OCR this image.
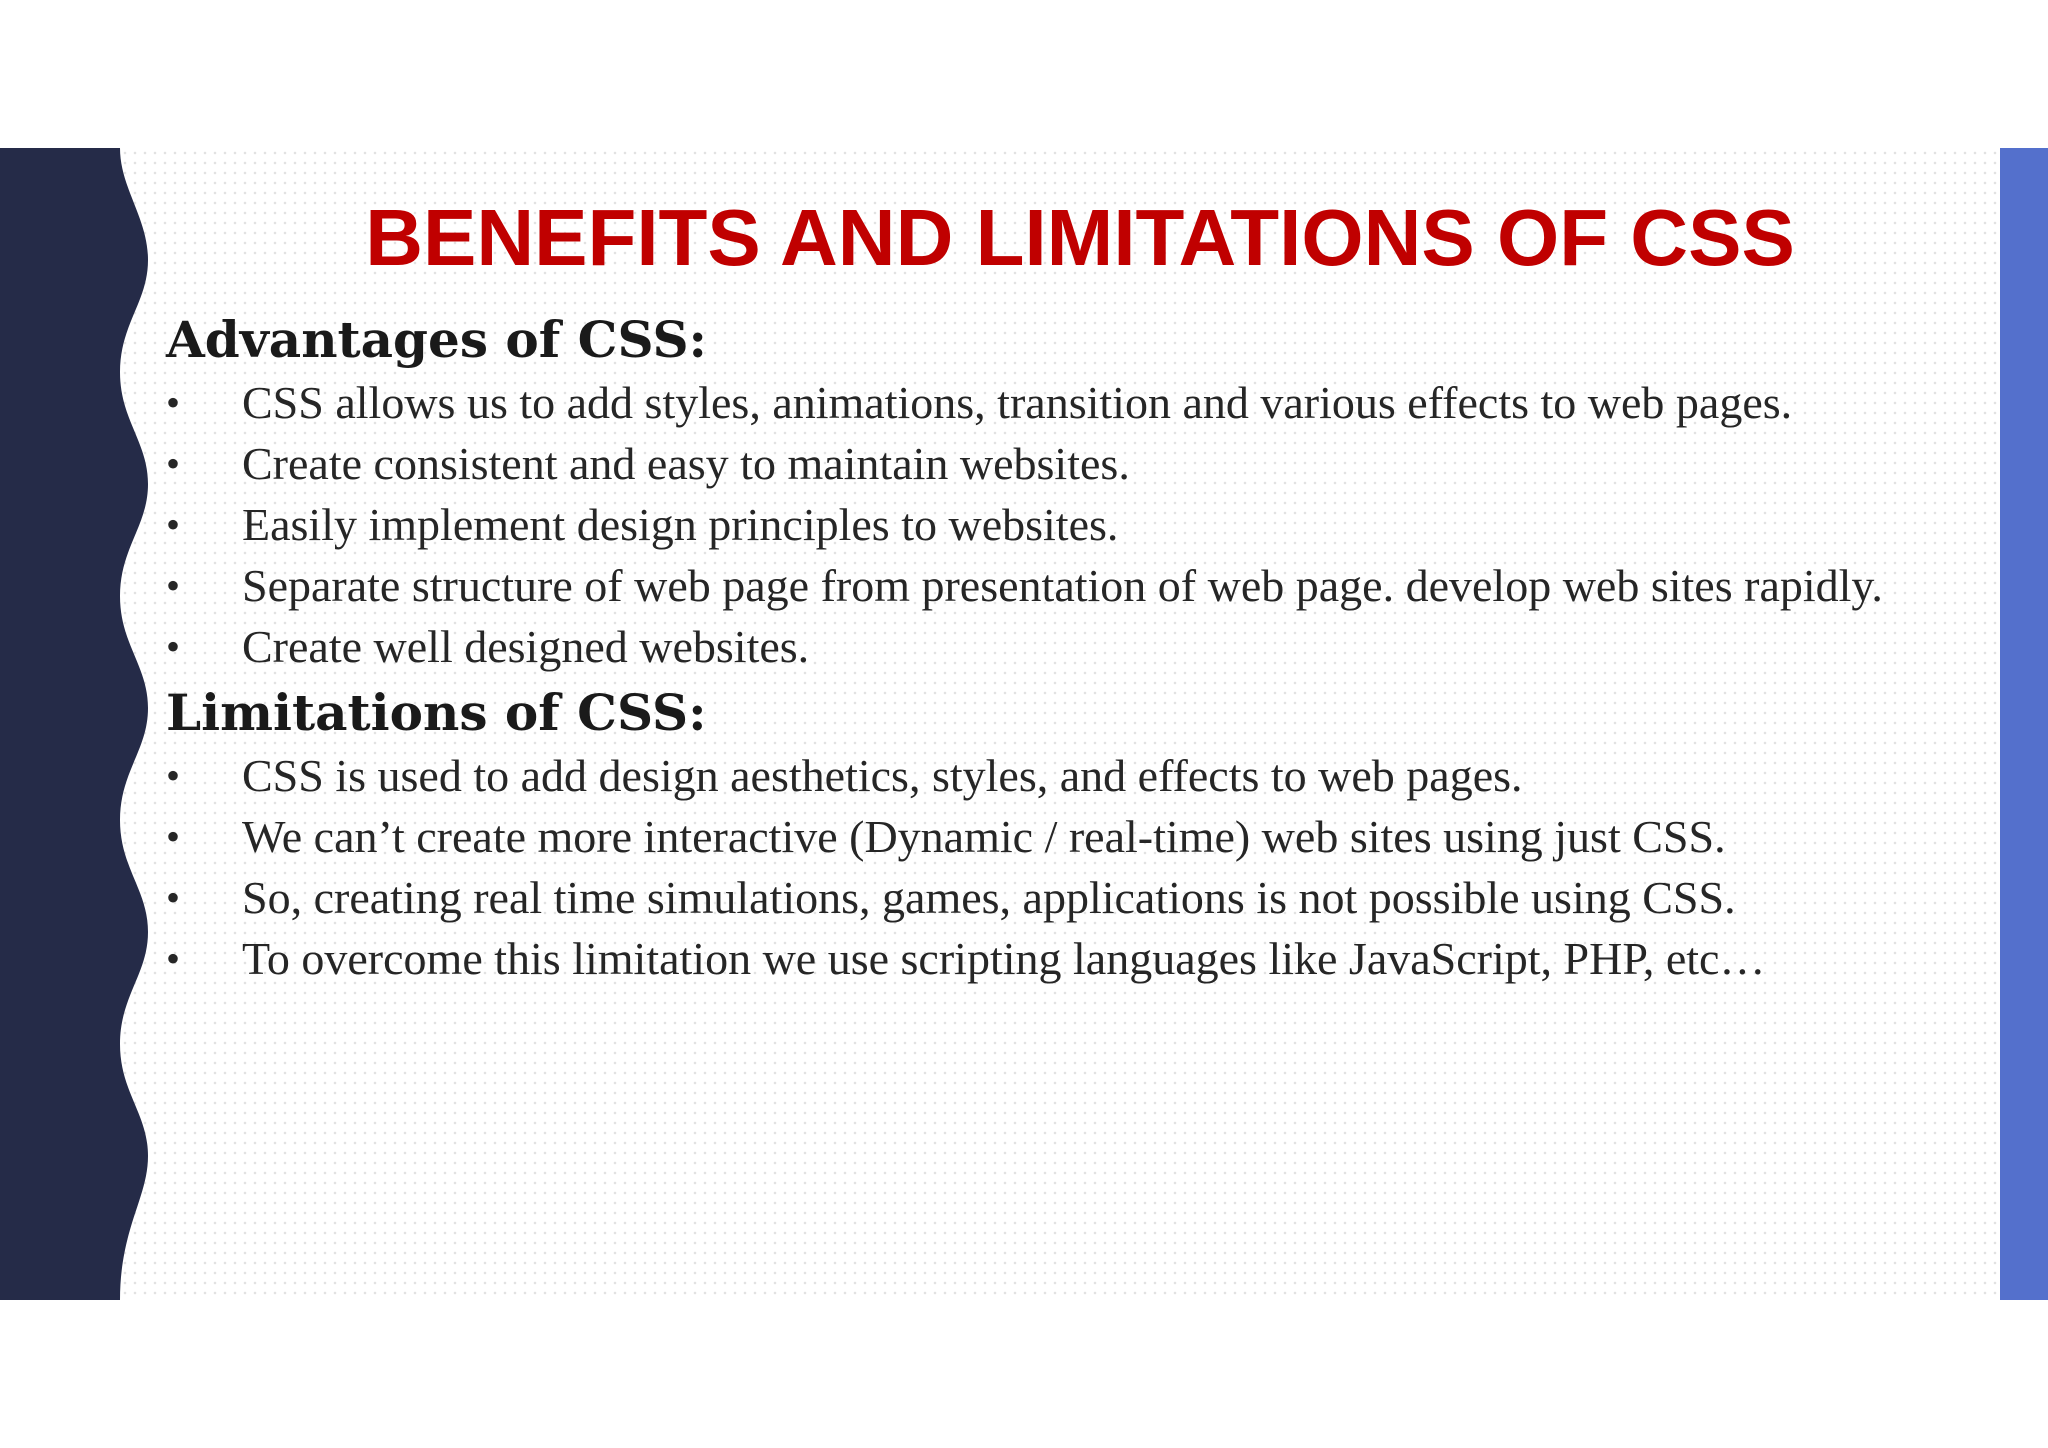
BENEFITS AND LIMITATIONS OF CSS
Advantages of CSS:
•	CSS allows us to add styles, animations, transition and various effects to web pages.
•	Create consistent and easy to maintain websites.
•	Easily implement design principles to websites.
•	Separate structure of web page from presentation of web page. develop web sites rapidly.
•	Create well designed websites.
Limitations of CSS:
•	CSS is used to add design aesthetics, styles, and effects to web pages.
•	We can’t create more interactive (Dynamic / real-time) web sites using just CSS.
•	So, creating real time simulations, games, applications is not possible using CSS.
•	To overcome this limitation we use scripting languages like JavaScript, PHP, etc…
